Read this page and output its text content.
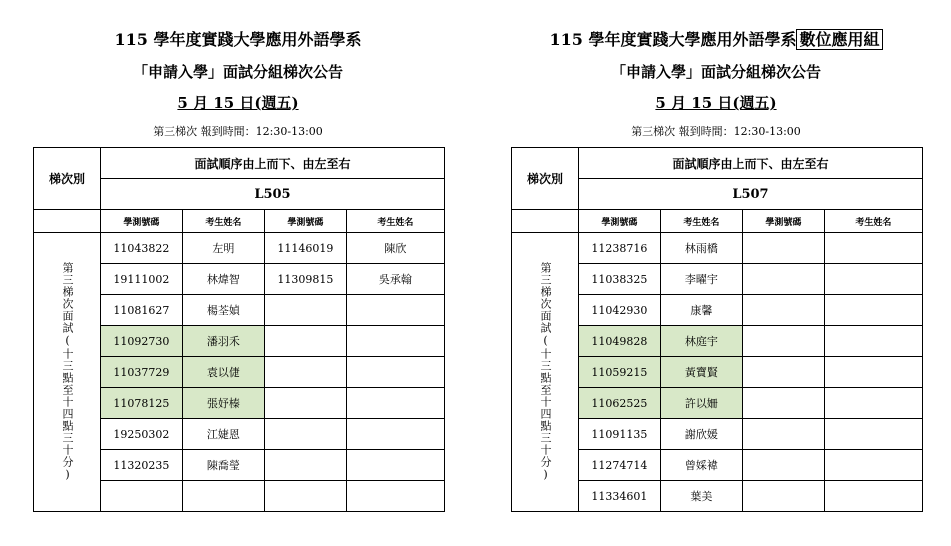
115 學年度實踐大學應用外語學系
「申請入學」面試分組梯次公告
5 月 15 日(週五)
第三梯次 報到時間：12:30-13:00
梯次別	面試順序由上而下、由左至右			
	L505			
	學測號碼	考生姓名	學測號碼	考生姓名

第三梯次面試(十三點至十四點三十分)	11043822	左明	11146019	陳欣
	19111002	林煒智	11309815	吳承翰
	11081627	楊荃媜		
	11092730	潘羽禾		
	11037729	袁以倢		
	11078125	張妤榛		
	19250302	江婕恩		
	11320235	陳喬瑩		

115 學年度實踐大學應用外語學系 數位應用組
「申請入學」面試分組梯次公告
5 月 15 日(週五)
第三梯次 報到時間：12:30-13:00
梯次別	面試順序由上而下、由左至右			
	L507			
	學測號碼	考生姓名	學測號碼	考生姓名

第三梯次面試(十三點至十四點三十分)	11238716	林雨橋		
	11038325	李曜宇		
	11042930	康馨		
	11049828	林庭宇		
	11059215	黃寶賢		
	11062525	許以姍		
	11091135	謝欣媛		
	11274714	曾婇褘		
	11334601	葉美		
